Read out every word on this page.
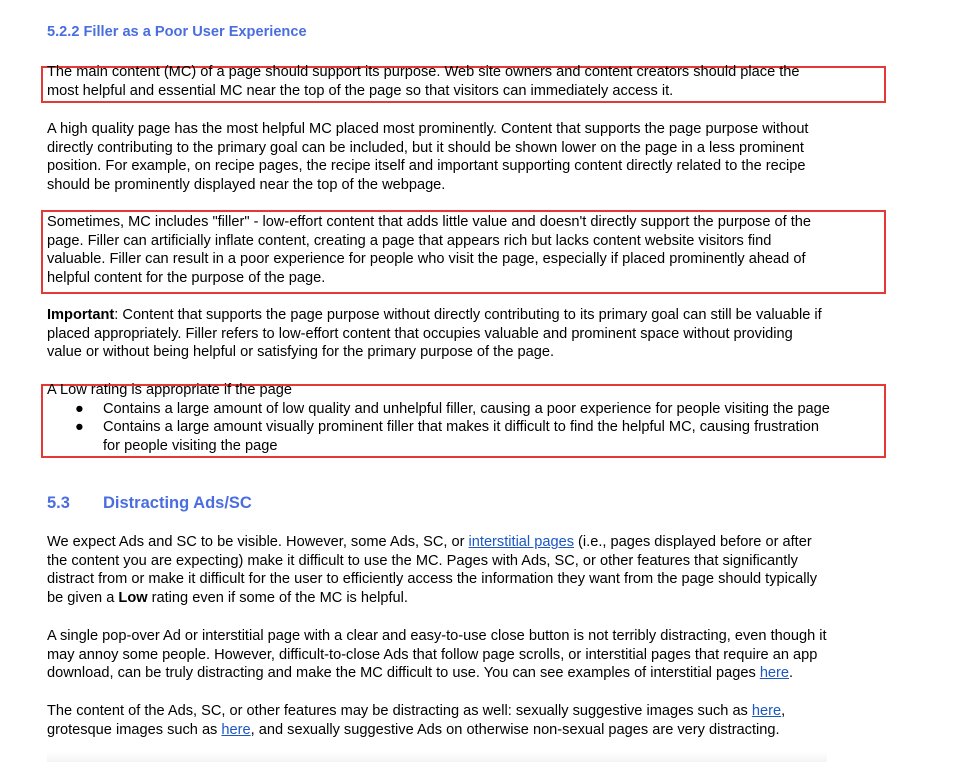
5.2.2 Filler as a Poor User Experience
The main content (MC) of a page should support its purpose. Web site owners and content creators should place the
most helpful and essential MC near the top of the page so that visitors can immediately access it.
A high quality page has the most helpful MC placed most prominently. Content that supports the page purpose without
directly contributing to the primary goal can be included, but it should be shown lower on the page in a less prominent
position. For example, on recipe pages, the recipe itself and important supporting content directly related to the recipe
should be prominently displayed near the top of the webpage.
Sometimes, MC includes "filler" - low-effort content that adds little value and doesn't directly support the purpose of the
page. Filler can artificially inflate content, creating a page that appears rich but lacks content website visitors find
valuable. Filler can result in a poor experience for people who visit the page, especially if placed prominently ahead of
helpful content for the purpose of the page.
Important: Content that supports the page purpose without directly contributing to its primary goal can still be valuable if
placed appropriately. Filler refers to low-effort content that occupies valuable and prominent space without providing
value or without being helpful or satisfying for the primary purpose of the page.
A Low rating is appropriate if the page
● Contains a large amount of low quality and unhelpful filler, causing a poor experience for people visiting the page
● Contains a large amount visually prominent filler that makes it difficult to find the helpful MC, causing frustration
for people visiting the page
5.3 Distracting Ads/SC
We expect Ads and SC to be visible. However, some Ads, SC, or interstitial pages (i.e., pages displayed before or after
the content you are expecting) make it difficult to use the MC. Pages with Ads, SC, or other features that significantly
distract from or make it difficult for the user to efficiently access the information they want from the page should typically
be given a Low rating even if some of the MC is helpful.
A single pop-over Ad or interstitial page with a clear and easy-to-use close button is not terribly distracting, even though it
may annoy some people. However, difficult-to-close Ads that follow page scrolls, or interstitial pages that require an app
download, can be truly distracting and make the MC difficult to use. You can see examples of interstitial pages here.
The content of the Ads, SC, or other features may be distracting as well: sexually suggestive images such as here,
grotesque images such as here, and sexually suggestive Ads on otherwise non-sexual pages are very distracting.
